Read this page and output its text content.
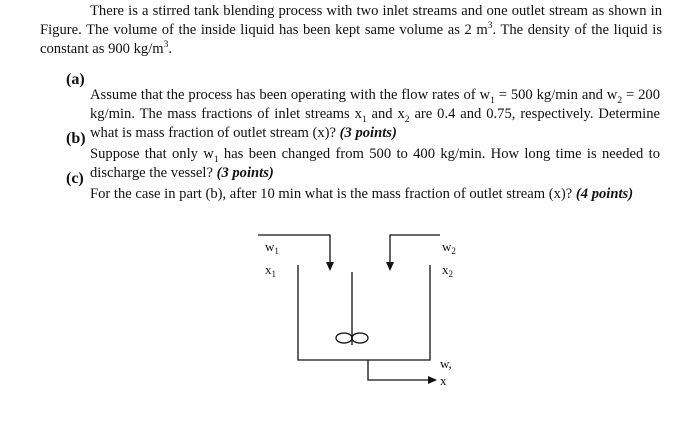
There is a stirred tank blending process with two inlet streams and one outlet stream as shown in Figure. The volume of the inside liquid has been kept same volume as 2 $m^3$. The density of the liquid is constant as 900 $kg/m^3$.

(a)

Assume that the process has been operating with the flow rates of $w_1 = 500$ kg/min and $w_2 = 200$ kg/min. The mass fractions of inlet streams $x_1$ and $x_2$ are 0.4 and 0.75, respectively. Determine what is mass fraction of outlet stream (x)? (3 points)

(b)

Suppose that only $w_1$ has been changed from 500 to 400 kg/min. How long time is needed to discharge the vessel? (3 points)

(c)

For the case in part (b), after 10 min what is the mass fraction of outlet stream (x)? (4 points)

$w_1$
$x_1$
$w_2$
$x_2$
w,
x
